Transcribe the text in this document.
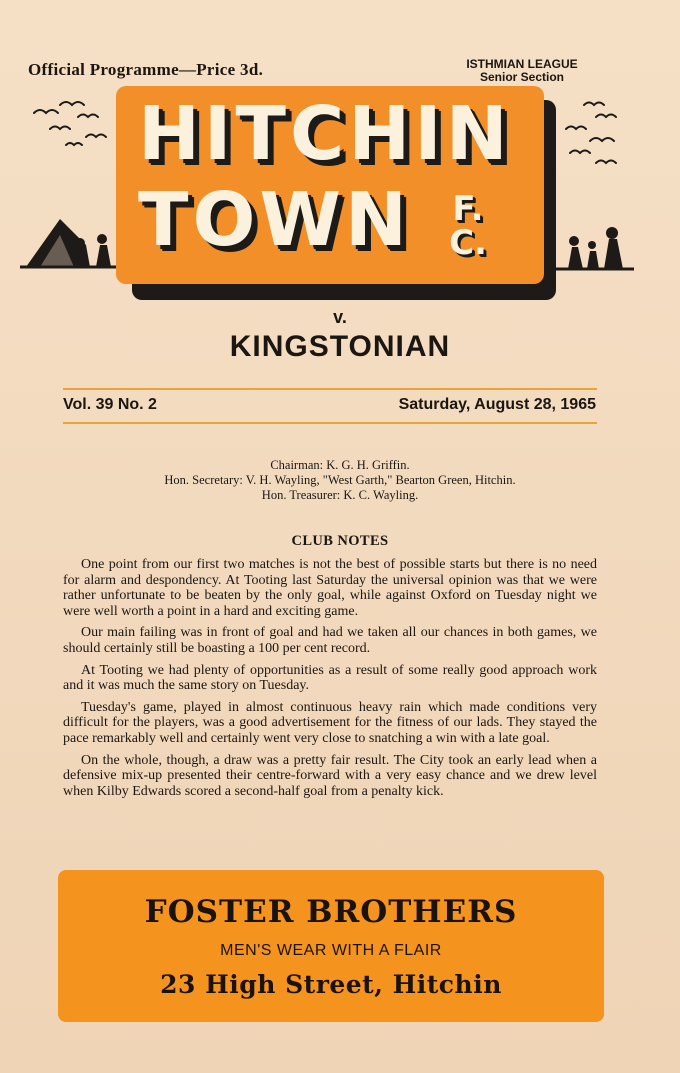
Official Programme—Price 3d.	ISTHMIAN LEAGUE
Senior Section
HITCHIN
TOWN F.
C.
v.
KINGSTONIAN
Vol. 39 No. 2	Saturday, August 28, 1965
Chairman: K. G. H. Griffin.
Hon. Secretary: V. H. Wayling, "West Garth," Bearton Green, Hitchin.
Hon. Treasurer: K. C. Wayling.
CLUB NOTES

One point from our first two matches is not the best of possible starts but there is no need for alarm and despondency. At Tooting last Saturday the universal opinion was that we were rather unfortunate to be beaten by the only goal, while against Oxford on Tuesday night we were well worth a point in a hard and exciting game.

Our main failing was in front of goal and had we taken all our chances in both games, we should certainly still be boasting a 100 per cent record.

At Tooting we had plenty of opportunities as a result of some really good approach work and it was much the same story on Tuesday.

Tuesday's game, played in almost continuous heavy rain which made conditions very difficult for the players, was a good advertisement for the fitness of our lads. They stayed the pace remarkably well and certainly went very close to snatching a win with a late goal.

On the whole, though, a draw was a pretty fair result. The City took an early lead when a defensive mix-up presented their centre-forward with a very easy chance and we drew level when Kilby Edwards scored a second-half goal from a penalty kick.

FOSTER BROTHERS
MEN'S WEAR WITH A FLAIR
23 High Street, Hitchin
